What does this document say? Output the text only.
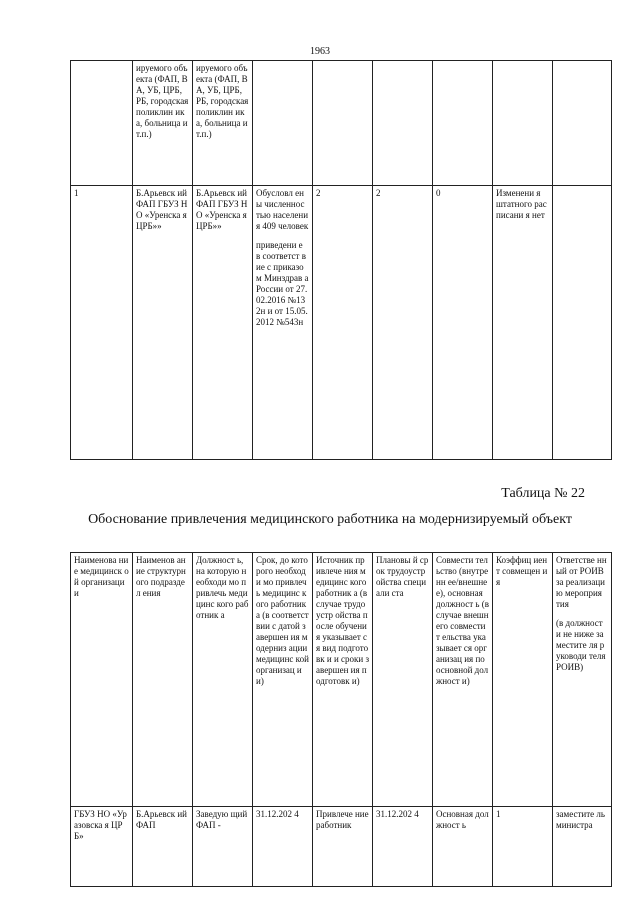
1963
	ируемого объекта (ФАП, ВА, УБ, ЦРБ, РБ, городская поликлин ика, больница и т.п.)	ируемого объекта (ФАП, ВА, УБ, ЦРБ, РБ, городская поликлин ика, больница и т.п.)						
1	Б.Арьевск ий ФАП ГБУЗ НО «Уренска я ЦРБ»»	Б.Арьевск ий ФАП ГБУЗ НО «Уренска я ЦРБ»»	Обусловл ены численнос тью населения 409 человек

приведени е в соответст вие с приказом Минздрав а России от 27.02.2016 №132н и от 15.05.2012 №543н	2	2	0	Изменени я штатного расписани я нет	
Таблица № 22
Обоснование привлечения медицинского работника на модернизируемый объект
Наименова ние медицинск ой организаци и	Наименов ание структурн ого подраздел ения	Должност ь, на которую необходи мо привлечь медицинс кого работник а	Срок, до которого необходи мо привлечь медицинс кого работник а (в соответст вии с датой завершен ия модерниз ации медицинс кой организац ии)	Источник привлече ния медицинс кого работник а (в случае трудоустр ойства после обучения указывает ся вид подготовк и и сроки завершен ия подготовк и)	Плановы й срок трудоустр ойства специали ста	Совмести тельство (внутренн ее/внешне е), основная должност ь (в случае внешнего совместит ельства указывает ся организац ия по основной должност и)	Коэффиц иент совмещен ия	Ответстве нный от РОИВ за реализаци ю мероприя тия

(в должност и не ниже заместите ля руководи теля РОИВ)

ГБУЗ НО «Уразовска я ЦРБ»	Б.Арьевск ий ФАП	Заведую щий ФАП -	31.12.202 4	Привлече ние работник	31.12.202 4	Основная должност ь	1	заместите ль министра
